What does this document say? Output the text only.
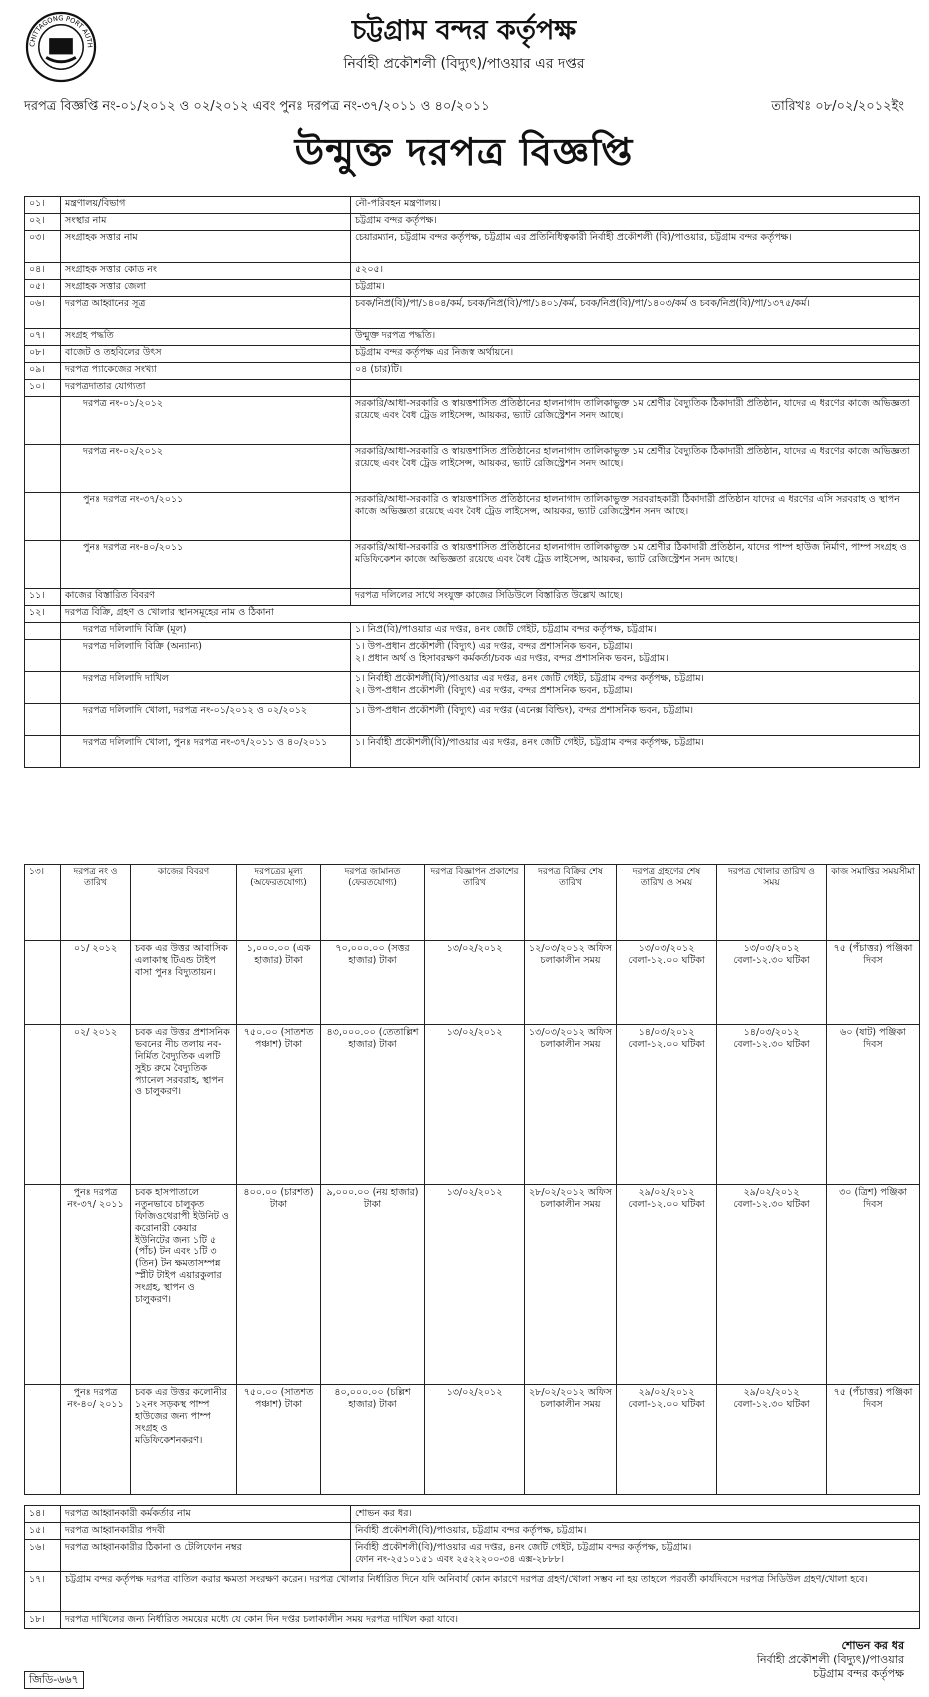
CHITTAGONG PORT AUTH	চট্টগ্রাম বন্দর কর্তৃপক্ষ
নির্বাহী প্রকৌশলী (বিদ্যুৎ)/পাওয়ার এর দপ্তর
দরপত্র বিজ্ঞপ্তি নং-০১/২০১২ ও ০২/২০১২ এবং পুনঃ দরপত্র নং-৩৭/২০১১ ও ৪০/২০১১	তারিখঃ ০৮/০২/২০১২ইং
উন্মুক্ত দরপত্র বিজ্ঞপ্তি
০১।	মন্ত্রণালয়/বিভাগ	নৌ-পরিবহন মন্ত্রণালয়।
০২।	সংস্থার নাম	চট্টগ্রাম বন্দর কর্তৃপক্ষ।
০৩।	সংগ্রাহক সত্তার নাম	চেয়ারম্যান, চট্টগ্রাম বন্দর কর্তৃপক্ষ, চট্টগ্রাম এর প্রতিনিধিত্বকারী নির্বাহী প্রকৌশলী (বি)/পাওয়ার, চট্টগ্রাম বন্দর কর্তৃপক্ষ।
০৪।	সংগ্রাহক সত্তার কোড নং	৫২০৫।
০৫।	সংগ্রাহক সত্তার জেলা	চট্টগ্রাম।
০৬।	দরপত্র আহ্বানের সূত্র	চবক/নিপ্র(বি)/পা/১৪০৪/কর্ম, চবক/নিপ্র(বি)/পা/১৪০১/কর্ম, চবক/নিপ্র(বি)/পা/১৪০৩/কর্ম ও চবক/নিপ্র(বি)/পা/১৩৭৫/কর্ম।
০৭।	সংগ্রহ পদ্ধতি	উন্মুক্ত দরপত্র পদ্ধতি।
০৮।	বাজেট ও তহবিলের উৎস	চট্টগ্রাম বন্দর কর্তৃপক্ষ এর নিজস্ব অর্থায়নে।
০৯।	দরপত্র প্যাকেজের সংখ্যা	০৪ (চার)টি।
১০।	দরপত্রদাতার যোগ্যতা	
	দরপত্র নং-০১/২০১২	সরকারি/আধা-সরকারি ও স্বায়ত্তশাসিত প্রতিষ্ঠানের হালনাগাদ তালিকাভুক্ত ১ম শ্রেণীর বৈদ্যুতিক ঠিকাদারী প্রতিষ্ঠান, যাদের এ ধরণের কাজে অভিজ্ঞতা রয়েছে এবং বৈধ ট্রেড লাইসেন্স, আয়কর, ভ্যাট রেজিস্ট্রেশন সনদ আছে।
	দরপত্র নং-০২/২০১২	সরকারি/আধা-সরকারি ও স্বায়ত্তশাসিত প্রতিষ্ঠানের হালনাগাদ তালিকাভুক্ত ১ম শ্রেণীর বৈদ্যুতিক ঠিকাদারী প্রতিষ্ঠান, যাদের এ ধরণের কাজে অভিজ্ঞতা রয়েছে এবং বৈধ ট্রেড লাইসেন্স, আয়কর, ভ্যাট রেজিস্ট্রেশন সনদ আছে।
	পুনঃ দরপত্র নং-৩৭/২০১১	সরকারি/আধা-সরকারি ও স্বায়ত্তশাসিত প্রতিষ্ঠানের হালনাগাদ তালিকাভুক্ত সরবরাহকারী ঠিকাদারী প্রতিষ্ঠান যাদের এ ধরণের এসি সরবরাহ ও স্থাপন কাজে অভিজ্ঞতা রয়েছে এবং বৈধ ট্রেড লাইসেন্স, আয়কর, ভ্যাট রেজিস্ট্রেশন সনদ আছে।
	পুনঃ দরপত্র নং-৪০/২০১১	সরকারি/আধা-সরকারি ও স্বায়ত্তশাসিত প্রতিষ্ঠানের হালনাগাদ তালিকাভুক্ত ১ম শ্রেণীর ঠিকাদারী প্রতিষ্ঠান, যাদের পাম্প হাউজ নির্মাণ, পাম্প সংগ্রহ ও মডিফিকেশন কাজে অভিজ্ঞতা রয়েছে এবং বৈধ ট্রেড লাইসেন্স, আয়কর, ভ্যাট রেজিস্ট্রেশন সনদ আছে।
১১।	কাজের বিস্তারিত বিবরণ	দরপত্র দলিলের সাথে সংযুক্ত কাজের সিডিউলে বিস্তারিত উল্লেখ আছে।
১২।	দরপত্র বিক্রি, গ্রহণ ও খোলার স্থানসমূহের নাম ও ঠিকানা	
	দরপত্র দলিলাদি বিক্রি (মূল)	১। নিপ্র(বি)/পাওয়ার এর দপ্তর, ৪নং জেটি গেইট, চট্টগ্রাম বন্দর কর্তৃপক্ষ, চট্টগ্রাম।
	দরপত্র দলিলাদি বিক্রি (অন্যান্য)	১। উপ-প্রধান প্রকৌশলী (বিদ্যুৎ) এর দপ্তর, বন্দর প্রশাসনিক ভবন, চট্টগ্রাম।
২। প্রধান অর্থ ও হিসাবরক্ষণ কর্মকর্তা/চবক এর দপ্তর, বন্দর প্রশাসনিক ভবন, চট্টগ্রাম।

	দরপত্র দলিলাদি দাখিল	১। নির্বাহী প্রকৌশলী(বি)/পাওয়ার এর দপ্তর, ৪নং জেটি গেইট, চট্টগ্রাম বন্দর কর্তৃপক্ষ, চট্টগ্রাম।
২। উপ-প্রধান প্রকৌশলী (বিদ্যুৎ) এর দপ্তর, বন্দর প্রশাসনিক ভবন, চট্টগ্রাম।

	দরপত্র দলিলাদি খোলা, দরপত্র নং-০১/২০১২ ও ০২/২০১২	১। উপ-প্রধান প্রকৌশলী (বিদ্যুৎ) এর দপ্তর (এনেক্স বিল্ডিং), বন্দর প্রশাসনিক ভবন, চট্টগ্রাম।
	দরপত্র দলিলাদি খোলা, পুনঃ দরপত্র নং-৩৭/২০১১ ও ৪০/২০১১	১। নির্বাহী প্রকৌশলী(বি)/পাওয়ার এর দপ্তর, ৪নং জেটি গেইট, চট্টগ্রাম বন্দর কর্তৃপক্ষ, চট্টগ্রাম।
১৩।	দরপত্র নং ও তারিখ	কাজের বিবরণ	দরপত্রের মূল্য (অফেরতযোগ্য)	দরপত্র জামানত (ফেরতযোগ্য)	দরপত্র বিজ্ঞাপন প্রকাশের তারিখ	দরপত্র বিক্রির শেষ তারিখ	দরপত্র গ্রহণের শেষ তারিখ ও সময়	দরপত্র খোলার তারিখ ও সময়	কাজ সমাপ্তির সময়সীমা
	০১/ ২০১২	চবক এর উত্তর আবাসিক এলাকাস্থ টিএন্ড টাইপ বাসা পুনঃ বিদ্যুতায়ন।	১,০০০.০০ (এক হাজার) টাকা	৭০,০০০.০০ (সত্তর হাজার) টাকা	১৩/০২/২০১২	১২/০৩/২০১২ অফিস চলাকালীন সময়	১৩/০৩/২০১২ বেলা-১২.০০ ঘটিকা	১৩/০৩/২০১২ বেলা-১২.৩০ ঘটিকা	৭৫ (পঁচাত্তর) পঞ্জিকা দিবস
	০২/ ২০১২	চবক এর উত্তর প্রশাসনিক ভবনের নীচ তলায় নব-নির্মিত বৈদ্যুতিক এলটি সুইচ রুমে বৈদ্যুতিক প্যানেল সরবরাহ, স্থাপন ও চালুকরণ।	৭৫০.০০ (সাতশত পঞ্চাশ) টাকা	৪৩,০০০.০০ (তেতাল্লিশ হাজার) টাকা	১৩/০২/২০১২	১৩/০৩/২০১২ অফিস চলাকালীন সময়	১৪/০৩/২০১২ বেলা-১২.০০ ঘটিকা	১৪/০৩/২০১২ বেলা-১২.৩০ ঘটিকা	৬০ (ষাট) পঞ্জিকা দিবস
	পুনঃ দরপত্র নং-৩৭/ ২০১১	চবক হাসপাতালে নতুনভাবে চালুকৃত ফিজিওথেরাপী ইউনিট ও করোনারী কেয়ার ইউনিটের জন্য ১টি ৫ (পাঁচ) টন এবং ১টি ৩ (তিন) টন ক্ষমতাসম্পন্ন স্প্লীট টাইপ এয়ারকুলার সংগ্রহ, স্থাপন ও চালুকরণ।	৪০০.০০ (চারশত) টাকা	৯,০০০.০০ (নয় হাজার) টাকা	১৩/০২/২০১২	২৮/০২/২০১২ অফিস চলাকালীন সময়	২৯/০২/২০১২ বেলা-১২.০০ ঘটিকা	২৯/০২/২০১২ বেলা-১২.৩০ ঘটিকা	৩০ (ত্রিশ) পঞ্জিকা দিবস
	পুনঃ দরপত্র নং-৪০/ ২০১১	চবক এর উত্তর কলোনীর ১২নং সড়কস্থ পাম্প হাউজের জন্য পাম্প সংগ্রহ ও মডিফিকেশনকরণ।	৭৫০.০০ (সাতশত পঞ্চাশ) টাকা	৪০,০০০.০০ (চল্লিশ হাজার) টাকা	১৩/০২/২০১২	২৮/০২/২০১২ অফিস চলাকালীন সময়	২৯/০২/২০১২ বেলা-১২.০০ ঘটিকা	২৯/০২/২০১২ বেলা-১২.৩০ ঘটিকা	৭৫ (পঁচাত্তর) পঞ্জিকা দিবস
১৪।	দরপত্র আহ্বানকারী কর্মকর্তার নাম	শোভন কর ধর।
১৫।	দরপত্র আহ্বানকারীর পদবী	নির্বাহী প্রকৌশলী(বি)/পাওয়ার, চট্টগ্রাম বন্দর কর্তৃপক্ষ, চট্টগ্রাম।
১৬।	দরপত্র আহ্বানকারীর ঠিকানা ও টেলিফোন নম্বর	নির্বাহী প্রকৌশলী(বি)/পাওয়ার এর দপ্তর, ৪নং জেটি গেইট, চট্টগ্রাম বন্দর কর্তৃপক্ষ, চট্টগ্রাম।
ফোন নং-২৫১০১৫১ এবং ২৫২২২০০-৩৪ এক্স-২৮৮৮।

১৭।	চট্টগ্রাম বন্দর কর্তৃপক্ষ দরপত্র বাতিল করার ক্ষমতা সংরক্ষণ করেন। দরপত্র খোলার নির্ধারিত দিনে যদি অনিবার্য কোন কারণে দরপত্র গ্রহণ/খোলা সম্ভব না হয় তাহলে পরবর্তী কার্যদিবসে দরপত্র সিডিউল গ্রহণ/খোলা হবে।	
১৮।	দরপত্র দাখিলের জন্য নির্ধারিত সময়ের মধ্যে যে কোন দিন দপ্তর চলাকালীন সময় দরপত্র দাখিল করা যাবে।	
শোভন কর ধর
নির্বাহী প্রকৌশলী (বিদ্যুৎ)/পাওয়ার
চট্টগ্রাম বন্দর কর্তৃপক্ষ
জিডি-৬৬৭
